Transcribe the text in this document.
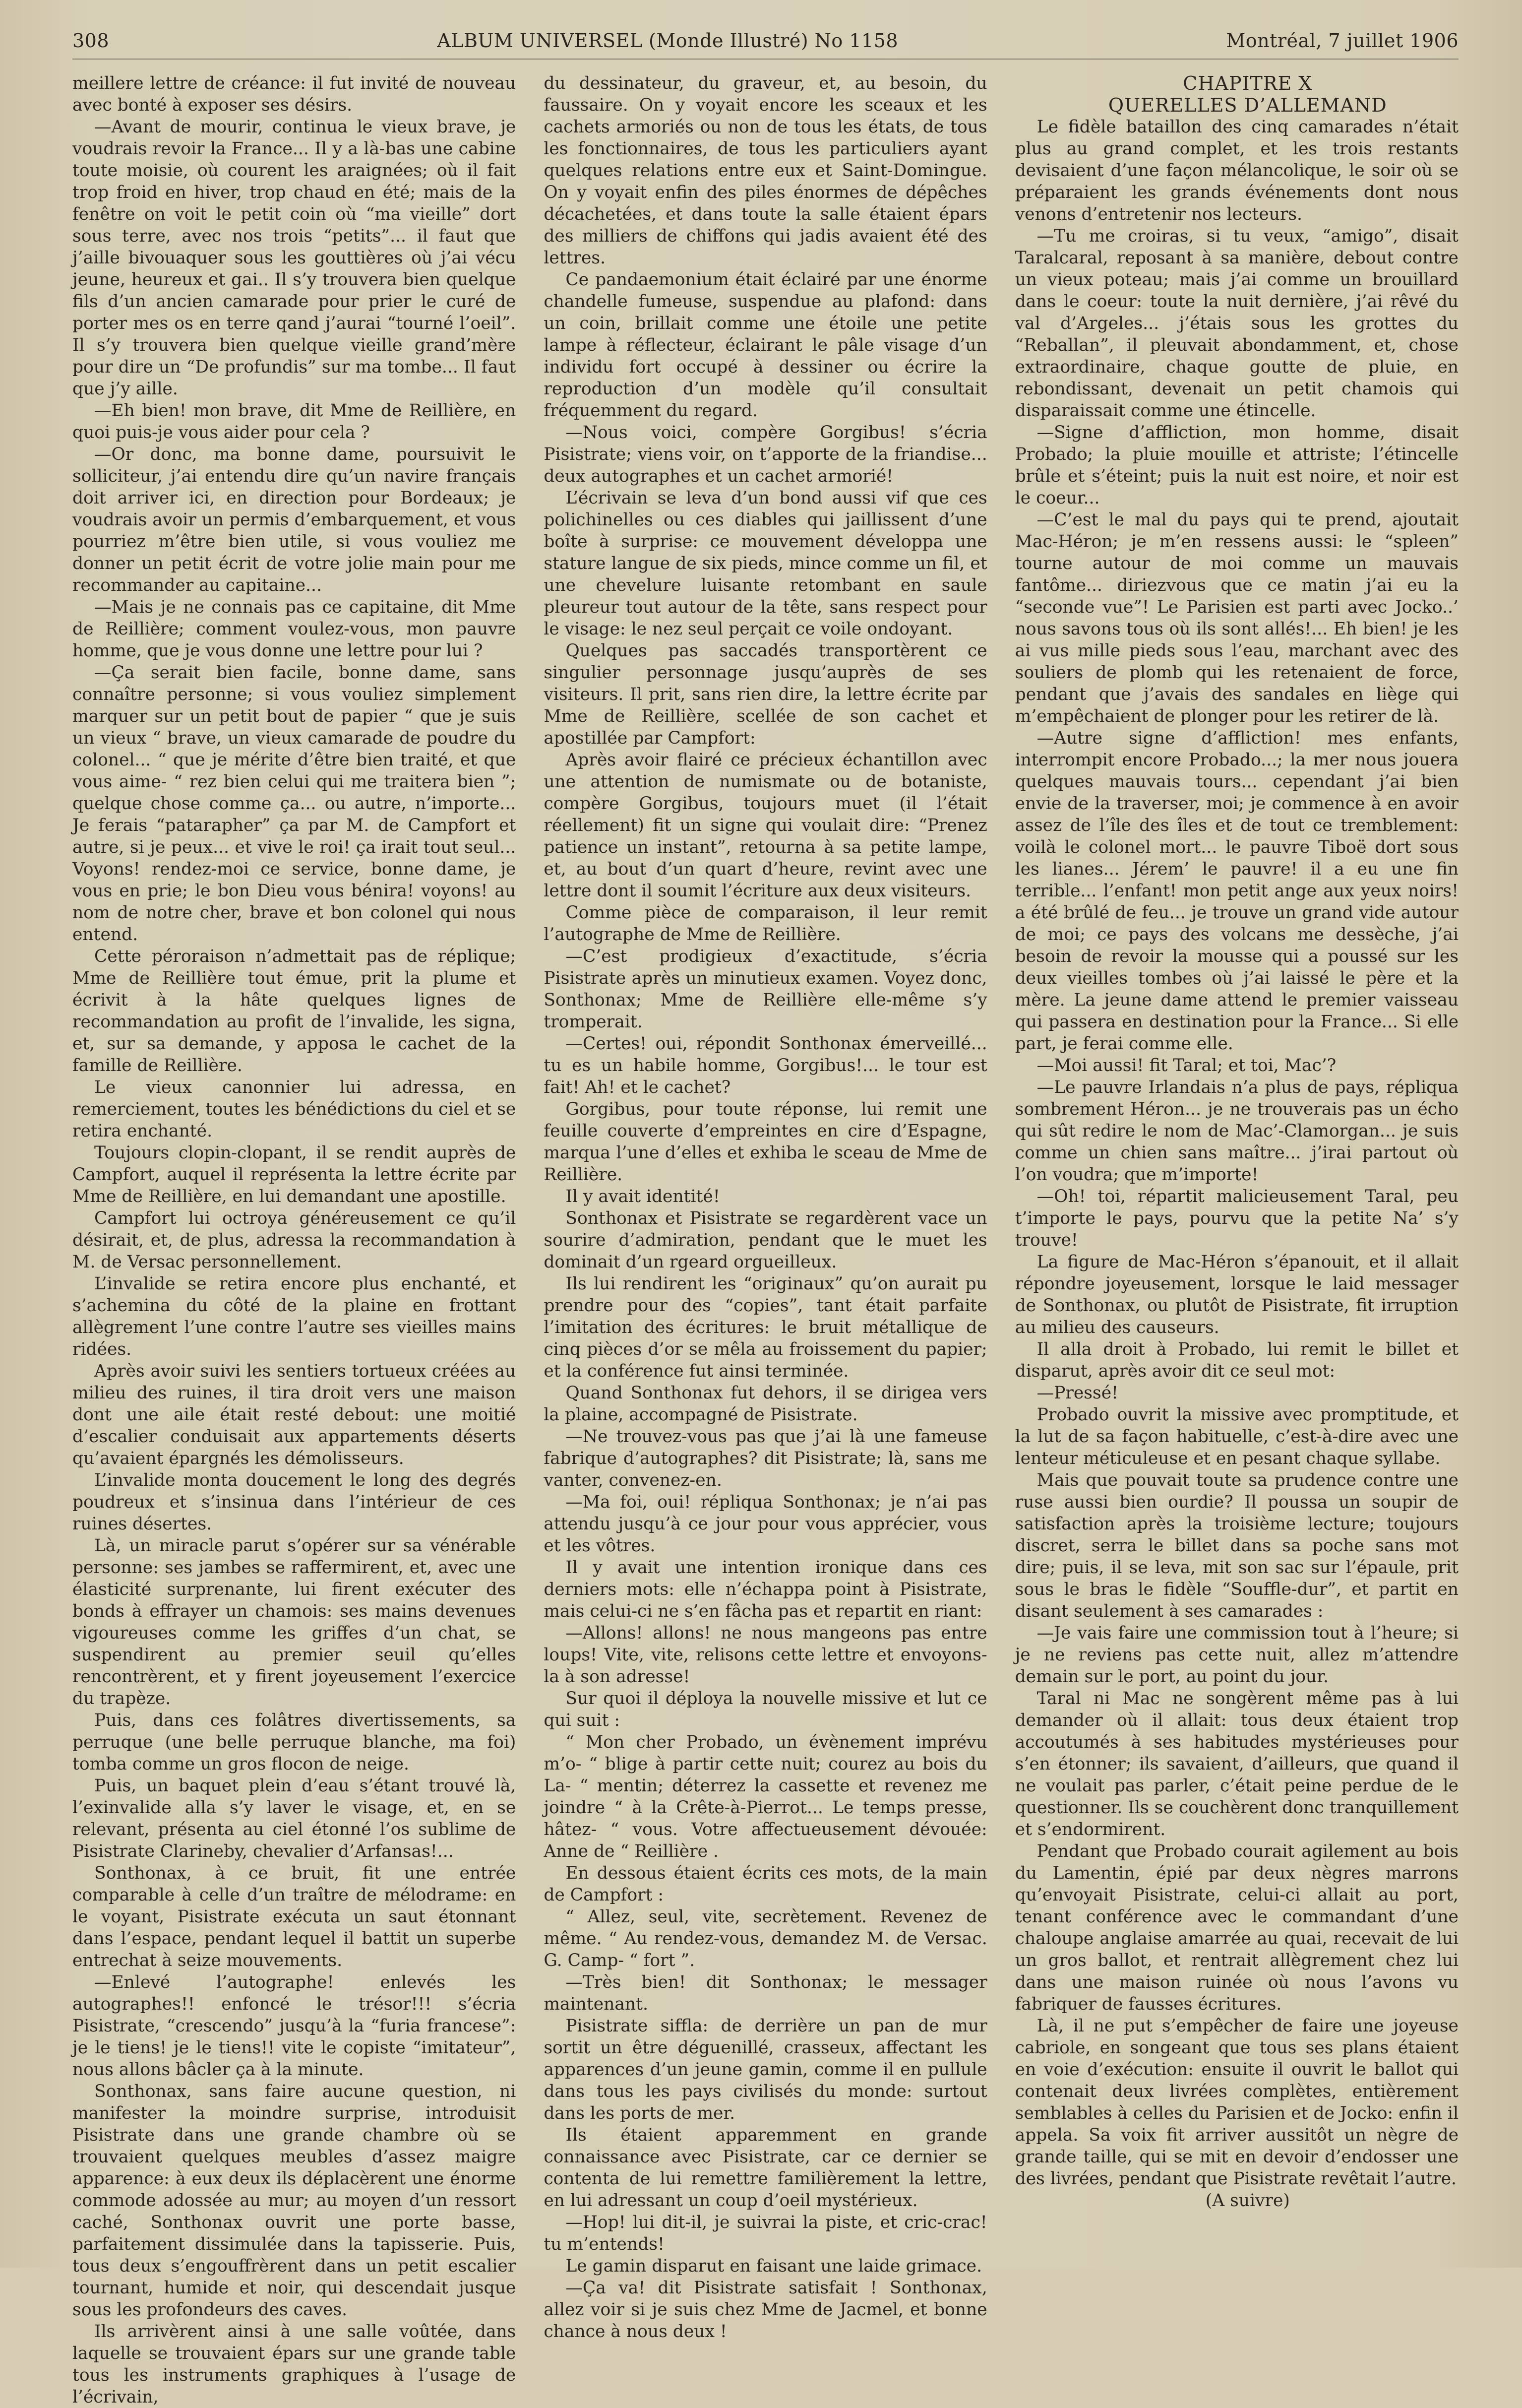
308	ALBUM UNIVERSEL (Monde Illustré) No 1158	Montréal, 7 juillet 1906

meillere lettre de créance: il fut invité de nouveau avec bonté à exposer ses désirs.

—Avant de mourir, continua le vieux brave, je voudrais revoir la France... Il y a là-bas une cabine toute moisie, où courent les araignées; où il fait trop froid en hiver, trop chaud en été; mais de la fenêtre on voit le petit coin où “ma vieille” dort sous terre, avec nos trois “petits”... il faut que j’aille bivouaquer sous les gouttières où j’ai vécu jeune, heureux et gai.. Il s’y trouvera bien quelque fils d’un ancien camarade pour prier le curé de porter mes os en terre qand j’aurai “tourné l’oeil”. Il s’y trouvera bien quelque vieille grand’mère pour dire un “De profundis” sur ma tombe... Il faut que j’y aille.

—Eh bien! mon brave, dit Mme de Reillière, en quoi puis-je vous aider pour cela ?

—Or donc, ma bonne dame, poursuivit le solliciteur, j’ai entendu dire qu’un navire français doit arriver ici, en direction pour Bordeaux; je voudrais avoir un permis d’embarquement, et vous pourriez m’être bien utile, si vous vouliez me donner un petit écrit de votre jolie main pour me recommander au capitaine...

—Mais je ne connais pas ce capitaine, dit Mme de Reillière; comment voulez-vous, mon pauvre homme, que je vous donne une lettre pour lui ?

—Ça serait bien facile, bonne dame, sans connaître personne; si vous vouliez simplement marquer sur un petit bout de papier “ que je suis un vieux “ brave, un vieux camarade de poudre du colonel... “ que je mérite d’être bien traité, et que vous aime- “ rez bien celui qui me traitera bien ”; quelque chose comme ça... ou autre, n’importe... Je ferais “patarapher” ça par M. de Campfort et autre, si je peux... et vive le roi! ça irait tout seul... Voyons! rendez-moi ce service, bonne dame, je vous en prie; le bon Dieu vous bénira! voyons! au nom de notre cher, brave et bon colonel qui nous entend.

Cette péroraison n’admettait pas de réplique; Mme de Reillière tout émue, prit la plume et écrivit à la hâte quelques lignes de recommandation au profit de l’invalide, les signa, et, sur sa demande, y apposa le cachet de la famille de Reillière.

Le vieux canonnier lui adressa, en remerciement, toutes les bénédictions du ciel et se retira enchanté.

Toujours clopin-clopant, il se rendit auprès de Campfort, auquel il représenta la lettre écrite par Mme de Reillière, en lui demandant une apostille.

Campfort lui octroya généreusement ce qu’il désirait, et, de plus, adressa la recommandation à M. de Versac personnellement.

L’invalide se retira encore plus enchanté, et s’achemina du côté de la plaine en frottant allègrement l’une contre l’autre ses vieilles mains ridées.

Après avoir suivi les sentiers tortueux créées au milieu des ruines, il tira droit vers une maison dont une aile était resté debout: une moitié d’escalier conduisait aux appartements déserts qu’avaient épargnés les démolisseurs.

L’invalide monta doucement le long des degrés poudreux et s’insinua dans l’intérieur de ces ruines désertes.

Là, un miracle parut s’opérer sur sa vénérable personne: ses jambes se raffermirent, et, avec une élasticité surprenante, lui firent exécuter des bonds à effrayer un chamois: ses mains devenues vigoureuses comme les griffes d’un chat, se suspendirent au premier seuil qu’elles rencontrèrent, et y firent joyeusement l’exercice du trapèze.

Puis, dans ces folâtres divertissements, sa perruque (une belle perruque blanche, ma foi) tomba comme un gros flocon de neige.

Puis, un baquet plein d’eau s’étant trouvé là, l’exinvalide alla s’y laver le visage, et, en se relevant, présenta au ciel étonné l’os sublime de Pisistrate Clarineby, chevalier d’Arfansas!...

Sonthonax, à ce bruit, fit une entrée comparable à celle d’un traître de mélodrame: en le voyant, Pisistrate exécuta un saut étonnant dans l’espace, pendant lequel il battit un superbe entrechat à seize mouvements.

—Enlevé l’autographe! enlevés les autographes!! enfoncé le trésor!!! s’écria Pisistrate, “crescendo” jusqu’à la “furia francese”: je le tiens! je le tiens!! vite le copiste “imitateur”, nous allons bâcler ça à la minute.

Sonthonax, sans faire aucune question, ni manifester la moindre surprise, introduisit Pisistrate dans une grande chambre où se trouvaient quelques meubles d’assez maigre apparence: à eux deux ils déplacèrent une énorme commode adossée au mur; au moyen d’un ressort caché, Sonthonax ouvrit une porte basse, parfaitement dissimulée dans la tapisserie. Puis, tous deux s’engouffrèrent dans un petit escalier tournant, humide et noir, qui descendait jusque sous les profondeurs des caves.

Ils arrivèrent ainsi à une salle voûtée, dans laquelle se trouvaient épars sur une grande table tous les instruments graphiques à l’usage de l’écrivain,

du dessinateur, du graveur, et, au besoin, du faussaire. On y voyait encore les sceaux et les cachets armoriés ou non de tous les états, de tous les fonctionnaires, de tous les particuliers ayant quelques relations entre eux et Saint-Domingue. On y voyait enfin des piles énormes de dépêches décachetées, et dans toute la salle étaient épars des milliers de chiffons qui jadis avaient été des lettres.

Ce pandaemonium était éclairé par une énorme chandelle fumeuse, suspendue au plafond: dans un coin, brillait comme une étoile une petite lampe à réflecteur, éclairant le pâle visage d’un individu fort occupé à dessiner ou écrire la reproduction d’un modèle qu’il consultait fréquemment du regard.

—Nous voici, compère Gorgibus! s’écria Pisistrate; viens voir, on t’apporte de la friandise... deux autographes et un cachet armorié!

L’écrivain se leva d’un bond aussi vif que ces polichinelles ou ces diables qui jaillissent d’une boîte à surprise: ce mouvement développa une stature langue de six pieds, mince comme un fil, et une chevelure luisante retombant en saule pleureur tout autour de la tête, sans respect pour le visage: le nez seul perçait ce voile ondoyant.

Quelques pas saccadés transportèrent ce singulier personnage jusqu’auprès de ses visiteurs. Il prit, sans rien dire, la lettre écrite par Mme de Reillière, scellée de son cachet et apostillée par Campfort:

Après avoir flairé ce précieux échantillon avec une attention de numismate ou de botaniste, compère Gorgibus, toujours muet (il l’était réellement) fit un signe qui voulait dire: “Prenez patience un instant”, retourna à sa petite lampe, et, au bout d’un quart d’heure, revint avec une lettre dont il soumit l’écriture aux deux visiteurs.

Comme pièce de comparaison, il leur remit l’autographe de Mme de Reillière.

—C’est prodigieux d’exactitude, s’écria Pisistrate après un minutieux examen. Voyez donc, Sonthonax; Mme de Reillière elle-même s’y tromperait.

—Certes! oui, répondit Sonthonax émerveillé... tu es un habile homme, Gorgibus!... le tour est fait! Ah! et le cachet?

Gorgibus, pour toute réponse, lui remit une feuille couverte d’empreintes en cire d’Espagne, marqua l’une d’elles et exhiba le sceau de Mme de Reillière.

Il y avait identité!

Sonthonax et Pisistrate se regardèrent vace un sourire d’admiration, pendant que le muet les dominait d’un rgeard orgueilleux.

Ils lui rendirent les “originaux” qu’on aurait pu prendre pour des “copies”, tant était parfaite l’imitation des écritures: le bruit métallique de cinq pièces d’or se mêla au froissement du papier; et la conférence fut ainsi terminée.

Quand Sonthonax fut dehors, il se dirigea vers la plaine, accompagné de Pisistrate.

—Ne trouvez-vous pas que j’ai là une fameuse fabrique d’autographes? dit Pisistrate; là, sans me vanter, convenez-en.

—Ma foi, oui! répliqua Sonthonax; je n’ai pas attendu jusqu’à ce jour pour vous apprécier, vous et les vôtres.

Il y avait une intention ironique dans ces derniers mots: elle n’échappa point à Pisistrate, mais celui-ci ne s’en fâcha pas et repartit en riant:

—Allons! allons! ne nous mangeons pas entre loups! Vite, vite, relisons cette lettre et envoyons-la à son adresse!

Sur quoi il déploya la nouvelle missive et lut ce qui suit :

“ Mon cher Probado, un évènement imprévu m’o- “ blige à partir cette nuit; courez au bois du La- “ mentin; déterrez la cassette et revenez me joindre “ à la Crête-à-Pierrot... Le temps presse, hâtez- “ vous. Votre affectueusement dévouée: Anne de “ Reillière .

En dessous étaient écrits ces mots, de la main de Campfort :

“ Allez, seul, vite, secrètement. Revenez de même. “ Au rendez-vous, demandez M. de Versac. G. Camp- “ fort ”.

—Très bien! dit Sonthonax; le messager maintenant.

Pisistrate siffla: de derrière un pan de mur sortit un être déguenillé, crasseux, affectant les apparences d’un jeune gamin, comme il en pullule dans tous les pays civilisés du monde: surtout dans les ports de mer.

Ils étaient apparemment en grande connaissance avec Pisistrate, car ce dernier se contenta de lui remettre familièrement la lettre, en lui adressant un coup d’oeil mystérieux.

—Hop! lui dit-il, je suivrai la piste, et cric-crac! tu m’entends!

Le gamin disparut en faisant une laide grimace.

—Ça va! dit Pisistrate satisfait ! Sonthonax, allez voir si je suis chez Mme de Jacmel, et bonne chance à nous deux !

CHAPITRE X

QUERELLES D’ALLEMAND

Le fidèle bataillon des cinq camarades n’était plus au grand complet, et les trois restants devisaient d’une façon mélancolique, le soir où se préparaient les grands événements dont nous venons d’entretenir nos lecteurs.

—Tu me croiras, si tu veux, “amigo”, disait Taralcaral, reposant à sa manière, debout contre un vieux poteau; mais j’ai comme un brouillard dans le coeur: toute la nuit dernière, j’ai rêvé du val d’Argeles... j’étais sous les grottes du “Reballan”, il pleuvait abondamment, et, chose extraordinaire, chaque goutte de pluie, en rebondissant, devenait un petit chamois qui disparaissait comme une étincelle.

—Signe d’affliction, mon homme, disait Probado; la pluie mouille et attriste; l’étincelle brûle et s’éteint; puis la nuit est noire, et noir est le coeur...

—C’est le mal du pays qui te prend, ajoutait Mac-Héron; je m’en ressens aussi: le “spleen” tourne autour de moi comme un mauvais fantôme... diriezvous que ce matin j’ai eu la “seconde vue”! Le Parisien est parti avec Jocko..’ nous savons tous où ils sont allés!... Eh bien! je les ai vus mille pieds sous l’eau, marchant avec des souliers de plomb qui les retenaient de force, pendant que j’avais des sandales en liège qui m’empêchaient de plonger pour les retirer de là.

—Autre signe d’affliction! mes enfants, interrompit encore Probado...; la mer nous jouera quelques mauvais tours... cependant j’ai bien envie de la traverser, moi; je commence à en avoir assez de l’île des îles et de tout ce tremblement: voilà le colonel mort... le pauvre Tiboë dort sous les lianes... Jérem’ le pauvre! il a eu une fin terrible... l’enfant! mon petit ange aux yeux noirs! a été brûlé de feu... je trouve un grand vide autour de moi; ce pays des volcans me dessèche, j’ai besoin de revoir la mousse qui a poussé sur les deux vieilles tombes où j’ai laissé le père et la mère. La jeune dame attend le premier vaisseau qui passera en destination pour la France... Si elle part, je ferai comme elle.

—Moi aussi! fit Taral; et toi, Mac’?

—Le pauvre Irlandais n’a plus de pays, répliqua sombrement Héron... je ne trouverais pas un écho qui sût redire le nom de Mac’-Clamorgan... je suis comme un chien sans maître... j’irai partout où l’on voudra; que m’importe!

—Oh! toi, répartit malicieusement Taral, peu t’importe le pays, pourvu que la petite Na’ s’y trouve!

La figure de Mac-Héron s’épanouit, et il allait répondre joyeusement, lorsque le laid messager de Sonthonax, ou plutôt de Pisistrate, fit irruption au milieu des causeurs.

Il alla droit à Probado, lui remit le billet et disparut, après avoir dit ce seul mot:

—Pressé!

Probado ouvrit la missive avec promptitude, et la lut de sa façon habituelle, c’est-à-dire avec une lenteur méticuleuse et en pesant chaque syllabe.

Mais que pouvait toute sa prudence contre une ruse aussi bien ourdie? Il poussa un soupir de satisfaction après la troisième lecture; toujours discret, serra le billet dans sa poche sans mot dire; puis, il se leva, mit son sac sur l’épaule, prit sous le bras le fidèle “Souffle-dur”, et partit en disant seulement à ses camarades :

—Je vais faire une commission tout à l’heure; si je ne reviens pas cette nuit, allez m’attendre demain sur le port, au point du jour.

Taral ni Mac ne songèrent même pas à lui demander où il allait: tous deux étaient trop accoutumés à ses habitudes mystérieuses pour s’en étonner; ils savaient, d’ailleurs, que quand il ne voulait pas parler, c’était peine perdue de le questionner. Ils se couchèrent donc tranquillement et s’endormirent.

Pendant que Probado courait agilement au bois du Lamentin, épié par deux nègres marrons qu’envoyait Pisistrate, celui-ci allait au port, tenant conférence avec le commandant d’une chaloupe anglaise amarrée au quai, recevait de lui un gros ballot, et rentrait allègrement chez lui dans une maison ruinée où nous l’avons vu fabriquer de fausses écritures.

Là, il ne put s’empêcher de faire une joyeuse cabriole, en songeant que tous ses plans étaient en voie d’exécution: ensuite il ouvrit le ballot qui contenait deux livrées complètes, entièrement semblables à celles du Parisien et de Jocko: enfin il appela. Sa voix fit arriver aussitôt un nègre de grande taille, qui se mit en devoir d’endosser une des livrées, pendant que Pisistrate revêtait l’autre.

(A suivre)
